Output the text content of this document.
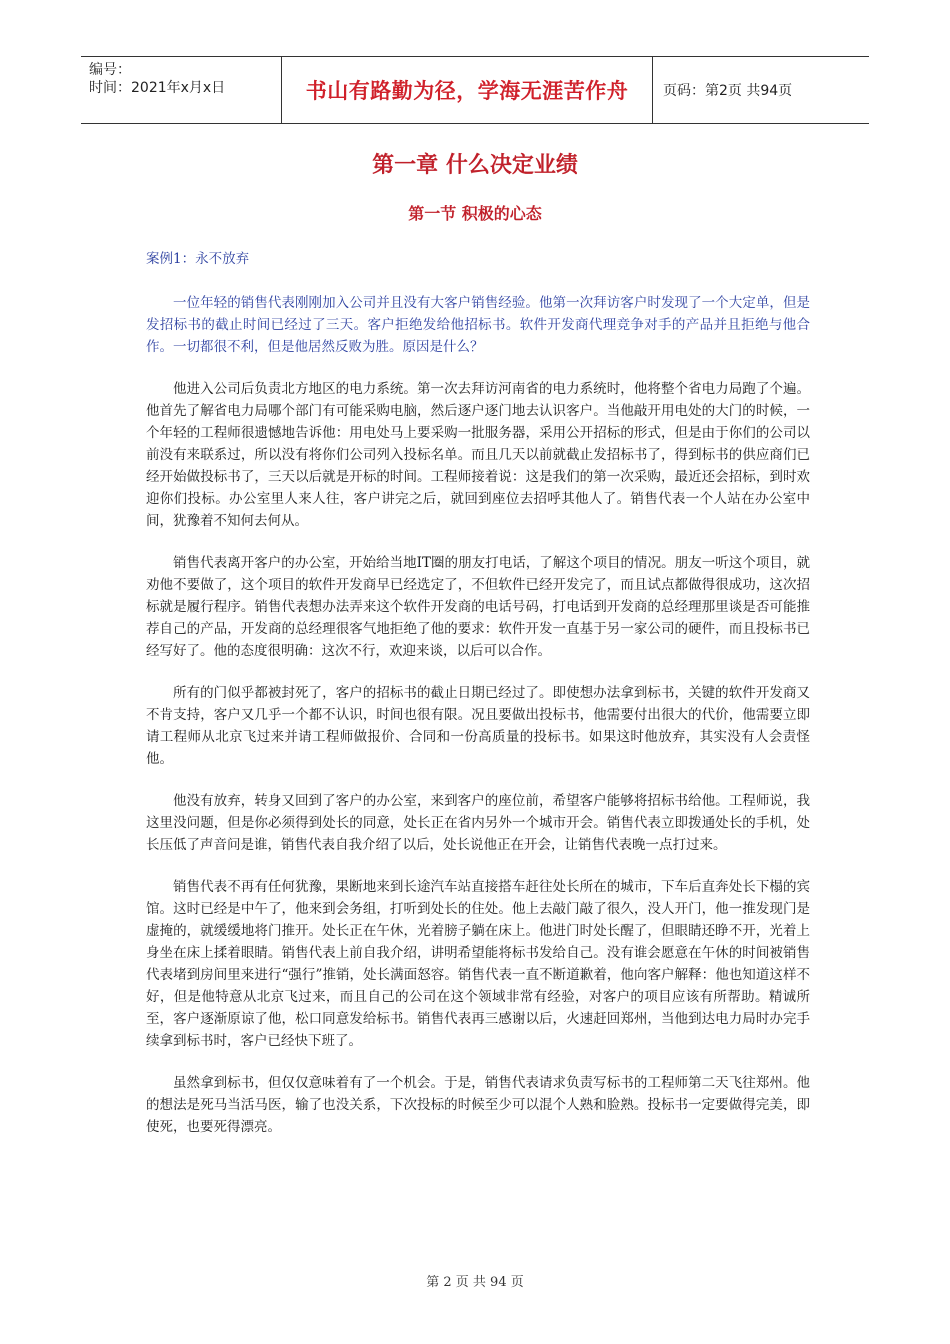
编号：
时间：2021年x月x日	书山有路勤为径，学海无涯苦作舟 页码：第2页 共94页
第一章 什么决定业绩
第一节 积极的心态
案例1：永不放弃

一位年轻的销售代表刚刚加入公司并且没有大客户销售经验。他第一次拜访客户时发现了一个大定单，但是发招标书的截止时间已经过了三天。客户拒绝发给他招标书。软件开发商代理竞争对手的产品并且拒绝与他合作。一切都很不利，但是他居然反败为胜。原因是什么？

他进入公司后负责北方地区的电力系统。第一次去拜访河南省的电力系统时，他将整个省电力局跑了个遍。他首先了解省电力局哪个部门有可能采购电脑，然后逐户逐门地去认识客户。当他敲开用电处的大门的时候，一个年轻的工程师很遗憾地告诉他：用电处马上要采购一批服务器，采用公开招标的形式，但是由于你们的公司以前没有来联系过，所以没有将你们公司列入投标名单。而且几天以前就截止发招标书了，得到标书的供应商们已经开始做投标书了，三天以后就是开标的时间。工程师接着说：这是我们的第一次采购，最近还会招标，到时欢迎你们投标。办公室里人来人往，客户讲完之后，就回到座位去招呼其他人了。销售代表一个人站在办公室中间，犹豫着不知何去何从。

销售代表离开客户的办公室，开始给当地IT圈的朋友打电话，了解这个项目的情况。朋友一听这个项目，就劝他不要做了，这个项目的软件开发商早已经选定了，不但软件已经开发完了，而且试点都做得很成功，这次招标就是履行程序。销售代表想办法弄来这个软件开发商的电话号码，打电话到开发商的总经理那里谈是否可能推荐自己的产品，开发商的总经理很客气地拒绝了他的要求：软件开发一直基于另一家公司的硬件，而且投标书已经写好了。他的态度很明确：这次不行，欢迎来谈，以后可以合作。

所有的门似乎都被封死了，客户的招标书的截止日期已经过了。即使想办法拿到标书，关键的软件开发商又不肯支持，客户又几乎一个都不认识，时间也很有限。况且要做出投标书，他需要付出很大的代价，他需要立即请工程师从北京飞过来并请工程师做报价、合同和一份高质量的投标书。如果这时他放弃，其实没有人会责怪他。

他没有放弃，转身又回到了客户的办公室，来到客户的座位前，希望客户能够将招标书给他。工程师说，我这里没问题，但是你必须得到处长的同意，处长正在省内另外一个城市开会。销售代表立即拨通处长的手机，处长压低了声音问是谁，销售代表自我介绍了以后，处长说他正在开会，让销售代表晚一点打过来。

销售代表不再有任何犹豫，果断地来到长途汽车站直接搭车赶往处长所在的城市，下车后直奔处长下榻的宾馆。这时已经是中午了，他来到会务组，打听到处长的住处。他上去敲门敲了很久，没人开门，他一推发现门是虚掩的，就缓缓地将门推开。处长正在午休，光着膀子躺在床上。他进门时处长醒了，但眼睛还睁不开，光着上身坐在床上揉着眼睛。销售代表上前自我介绍，讲明希望能将标书发给自己。没有谁会愿意在午休的时间被销售代表堵到房间里来进行“强行”推销，处长满面怒容。销售代表一直不断道歉着，他向客户解释：他也知道这样不好，但是他特意从北京飞过来，而且自己的公司在这个领域非常有经验，对客户的项目应该有所帮助。精诚所至，客户逐渐原谅了他，松口同意发给标书。销售代表再三感谢以后，火速赶回郑州，当他到达电力局时办完手续拿到标书时，客户已经快下班了。

虽然拿到标书，但仅仅意味着有了一个机会。于是，销售代表请求负责写标书的工程师第二天飞往郑州。他的想法是死马当活马医，输了也没关系，下次投标的时候至少可以混个人熟和脸熟。投标书一定要做得完美，即使死，也要死得漂亮。

第 2 页 共 94 页
